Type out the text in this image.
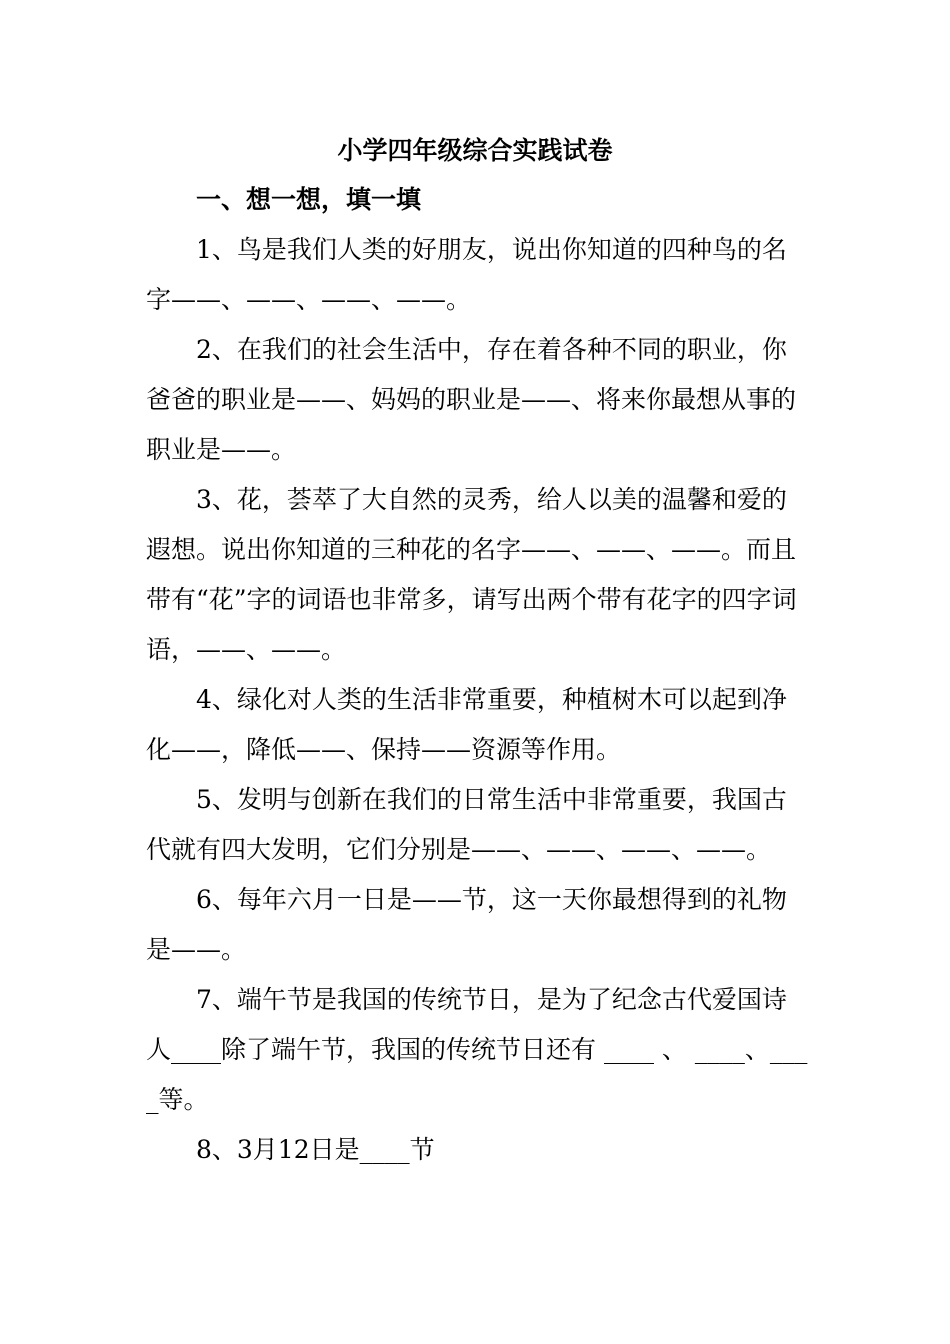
小学四年级综合实践试卷
一、想一想，填一填

1、鸟是我们人类的好朋友，说出你知道的四种鸟的名字——、——、——、——。

2、在我们的社会生活中，存在着各种不同的职业，你爸爸的职业是——、妈妈的职业是——、将来你最想从事的职业是——。

3、花，荟萃了大自然的灵秀，给人以美的温馨和爱的遐想。说出你知道的三种花的名字——、——、——。而且带有“花”字的词语也非常多，请写出两个带有花字的四字词语，——、——。

4、绿化对人类的生活非常重要，种植树木可以起到净化——，降低——、保持——资源等作用。

5、发明与创新在我们的日常生活中非常重要，我国古代就有四大发明，它们分别是——、——、——、——。

6、每年六月一日是——节，这一天你最想得到的礼物是——。

7、端午节是我国的传统节日，是为了纪念古代爱国诗人____除了端午节，我国的传统节日还有 ____ 、 ____、____等。

8、3月12日是____节
